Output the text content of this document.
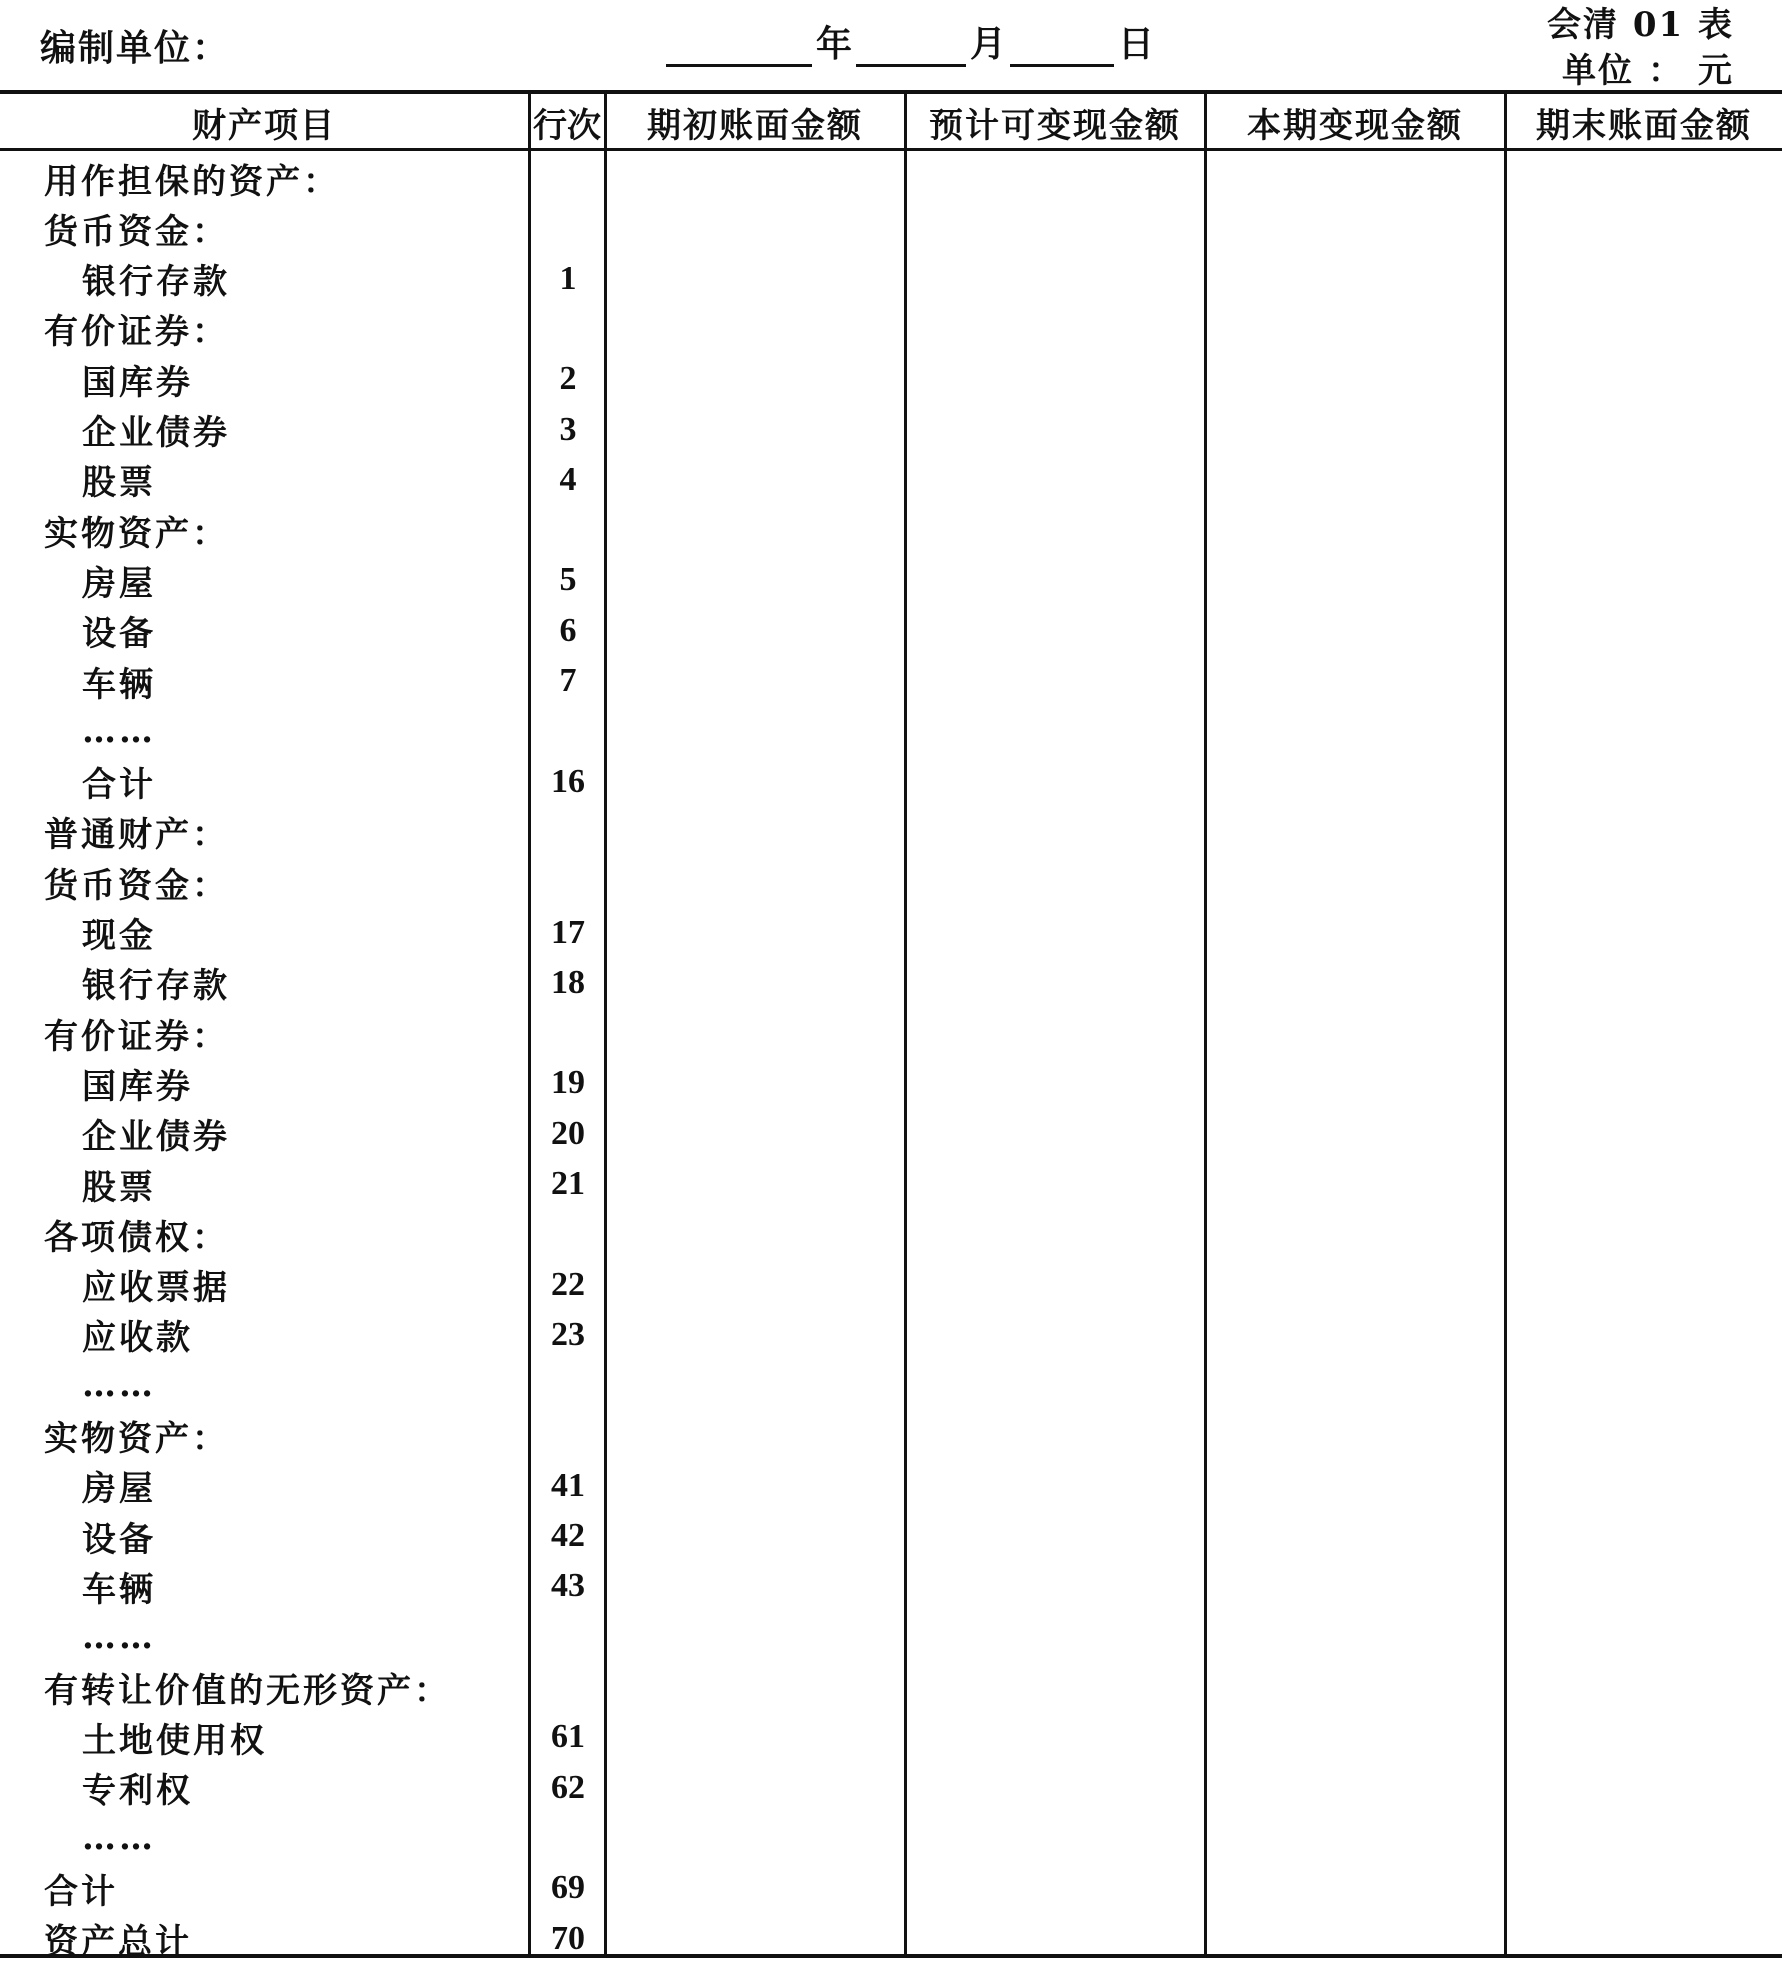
编制单位：	年	月	日	会清 01 表
单位 ： 元
财产项目	行次	期初账面金额	预计可变现金额	本期变现金额	期末账面金额
用作担保的资产：
货币资金：
银行存款	1
有价证券：
国库券	2
企业债券	3
股票	4
实物资产：
房屋	5
设备	6
车辆	7
……
合计	16
普通财产：
货币资金：
现金	17
银行存款	18
有价证券：
国库券	19
企业债券	20
股票	21
各项债权：
应收票据	22
应收款	23
……
实物资产：
房屋	41
设备	42
车辆	43
……
有转让价值的无形资产：
土地使用权	61
专利权	62
……
合计	69
资产总计	70
